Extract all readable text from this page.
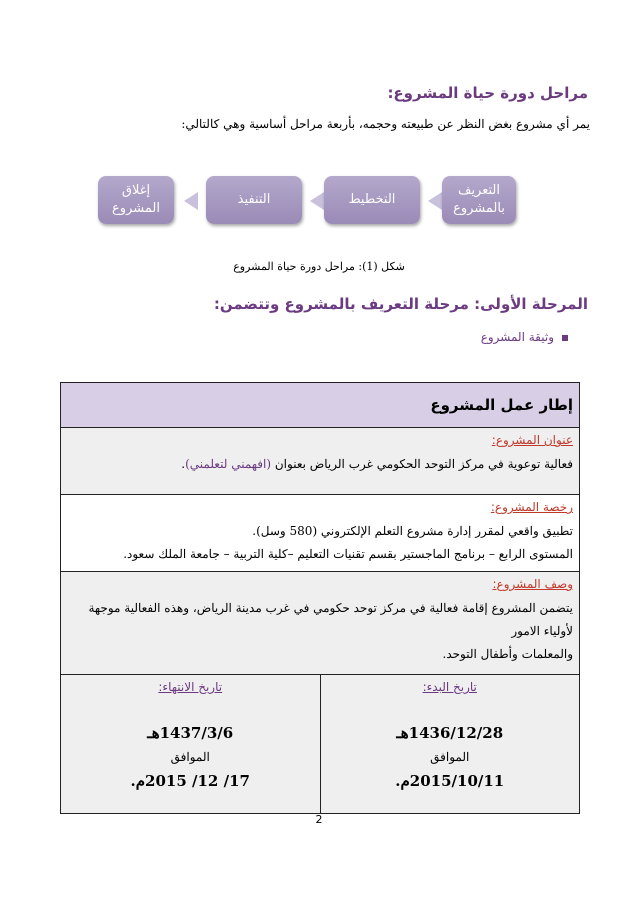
مراحل دورة حياة المشروع:
يمر أي مشروع بغض النظر عن طبيعته وحجمه، بأربعة مراحل أساسية وهي كالتالي:
إغلاق
المشروع
التنفيذ	التخطيط
التعريف
بالمشروع
شكل (1): مراحل دورة حياة المشروع
المرحلة الأولى: مرحلة التعريف بالمشروع وتتضمن:
وثيقة المشروع
إطار عمل المشروع

عنوان المشروع:
فعالية توعوية في مركز التوحد الحكومي غرب الرياض بعنوان (افهمني لتعلمني).

رخصة المشروع:
تطبيق واقعي لمقرر إدارة مشروع التعلم الإلكتروني (580 وسل).
المستوى الرابع – برنامج الماجستير بقسم تقنيات التعليم –كلية التربية – جامعة الملك سعود.

وصف المشروع:
يتضمن المشروع إقامة فعالية في مركز توحد حكومي في غرب مدينة الرياض، وهذه الفعالية موجهة لأولياء الامور
والمعلمات وأطفال التوحد.

تاريخ البدء:
1436/12/28هـ
الموافق
2015/10/11م.

تاريخ الانتهاء:
1437/3/6هـ
الموافق
17/ 12/ 2015م.
2
